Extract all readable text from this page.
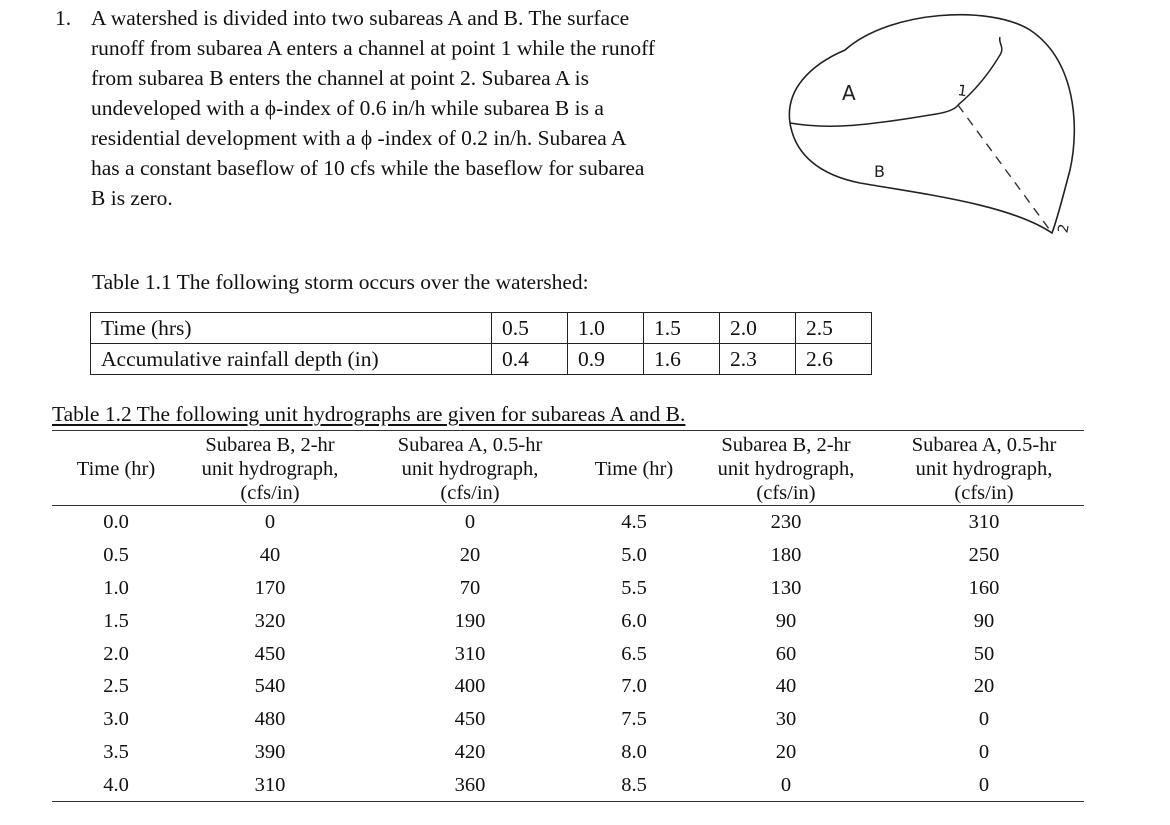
1. A watershed is divided into two subareas A and B. The surface
runoff from subarea A enters a channel at point 1 while the runoff
from subarea B enters the channel at point 2. Subarea A is
undeveloped with a ϕ-index of 0.6 in/h while subarea B is a
residential development with a ϕ -index of 0.2 in/h. Subarea A
has a constant baseflow of 10 cfs while the baseflow for subarea
B is zero.
A
B
1
2
Table 1.1 The following storm occurs over the watershed:
Time (hrs)	0.5	1.0	1.5	2.0	2.5
Accumulative rainfall depth (in)	0.4	0.9	1.6	2.3	2.6
Table 1.2 The following unit hydrographs are given for subareas A and B.
Time (hr)	Subarea B, 2-hr
unit hydrograph,
(cfs/in)	Subarea A, 0.5-hr
unit hydrograph,
(cfs/in)	Time (hr)	Subarea B, 2-hr
unit hydrograph,
(cfs/in)	Subarea A, 0.5-hr
unit hydrograph,
(cfs/in)

0.0	0	0	4.5	230	310
0.5	40	20	5.0	180	250
1.0	170	70	5.5	130	160
1.5	320	190	6.0	90	90
2.0	450	310	6.5	60	50
2.5	540	400	7.0	40	20
3.0	480	450	7.5	30	0
3.5	390	420	8.0	20	0
4.0	310	360	8.5	0	0
